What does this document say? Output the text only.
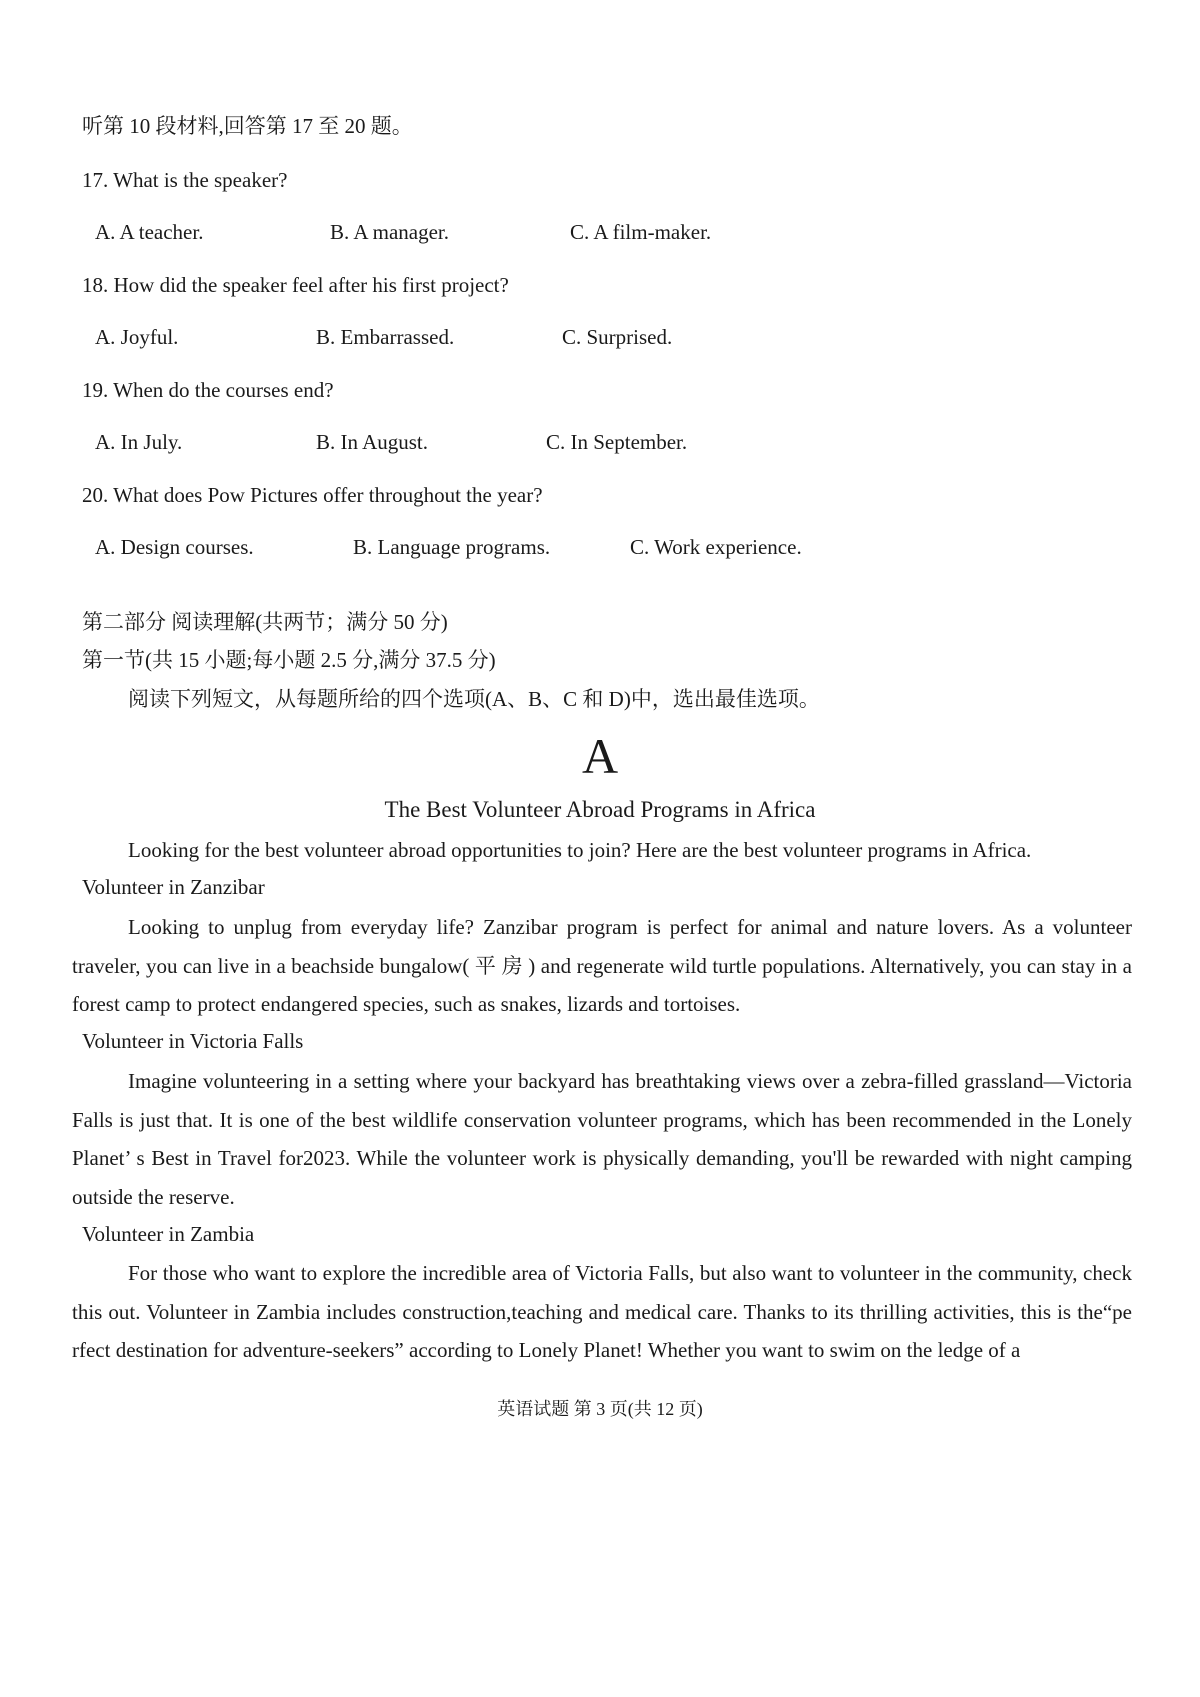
听第 10 段材料,回答第 17 至 20 题。
17. What is the speaker?
A. A teacher.	B. A manager.	C. A film-maker.
18. How did the speaker feel after his first project?
A. Joyful.	B. Embarrassed.	C. Surprised.
19. When do the courses end?
A. In July.	B. In August.	C. In September.
20. What does Pow Pictures offer throughout the year?
A. Design courses.	B. Language programs.	C. Work experience.
第二部分 阅读理解(共两节；满分 50 分)
第一节(共 15 小题;每小题 2.5 分,满分 37.5 分)
阅读下列短文，从每题所给的四个选项(A、B、C 和 D)中，选出最佳选项。
A
The Best Volunteer Abroad Programs in Africa
Looking for the best volunteer abroad opportunities to join? Here are the best volunteer programs in Africa.
Volunteer in Zanzibar
Looking to unplug from everyday life? Zanzibar program is perfect for animal and nature lovers. As a volunteer traveler, you can live in a beachside bungalow( 平 房 ) and regenerate wild turtle populations. Alternatively, you can stay in a forest camp to protect endangered species, such as snakes, lizards and tortoises.
Volunteer in Victoria Falls
Imagine volunteering in a setting where your backyard has breathtaking views over a zebra-filled grassland—Victoria Falls is just that. It is one of the best wildlife conservation volunteer programs, which has been recommended in the Lonely Planet’ s Best in Travel for2023. While the volunteer work is physically demanding, you'll be rewarded with night camping outside the reserve.
Volunteer in Zambia
For those who want to explore the incredible area of Victoria Falls, but also want to volunteer in the community, check this out. Volunteer in Zambia includes construction,teaching and medical care. Thanks to its thrilling activities, this is the“pe rfect destination for adventure-seekers” according to Lonely Planet! Whether you want to swim on the ledge of a
英语试题 第 3 页(共 12 页)
